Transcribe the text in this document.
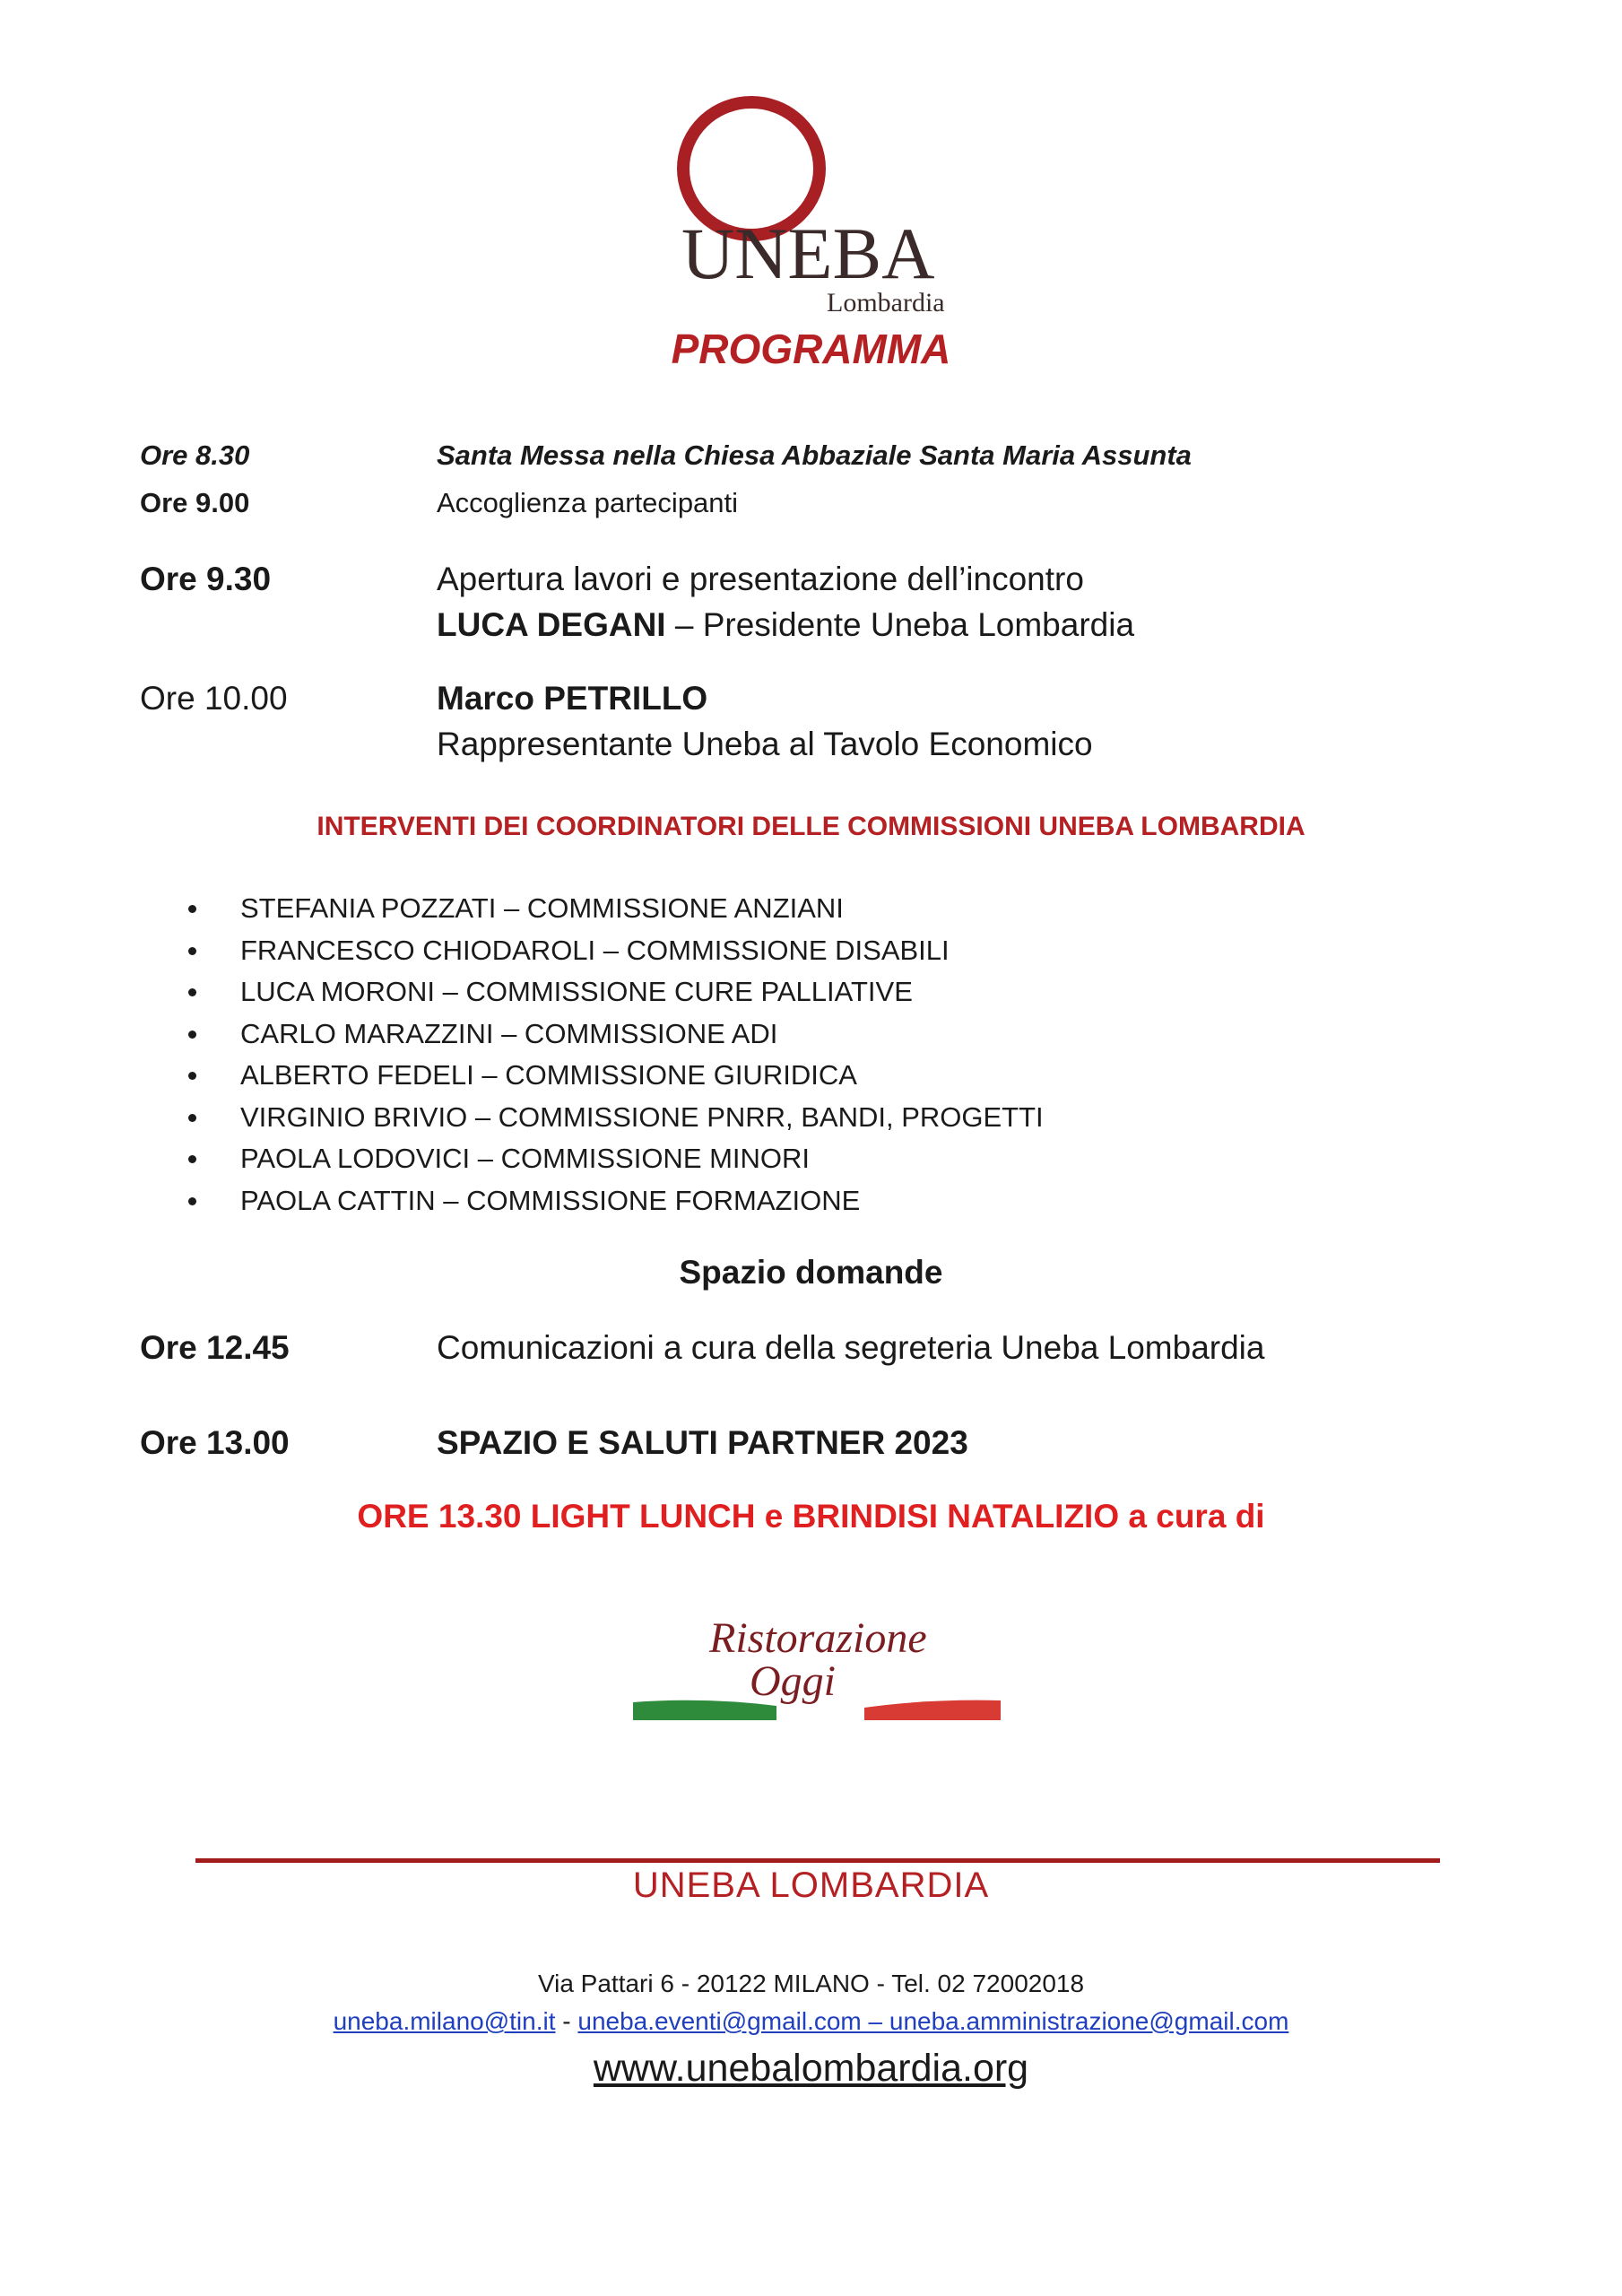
UNEBA
Lombardia
PROGRAMMA
Ore 8.30	Santa Messa nella Chiesa Abbaziale Santa Maria Assunta
Ore 9.00	Accoglienza partecipanti
Ore 9.30	Apertura lavori e presentazione dell’incontro
LUCA DEGANI – Presidente Uneba Lombardia
Ore 10.00	Marco PETRILLO
Rappresentante Uneba al Tavolo Economico
INTERVENTI DEI COORDINATORI DELLE COMMISSIONI UNEBA LOMBARDIA
STEFANIA POZZATI – COMMISSIONE ANZIANI
FRANCESCO CHIODAROLI – COMMISSIONE DISABILI
LUCA MORONI – COMMISSIONE CURE PALLIATIVE
CARLO MARAZZINI – COMMISSIONE ADI
ALBERTO FEDELI – COMMISSIONE GIURIDICA
VIRGINIO BRIVIO – COMMISSIONE PNRR, BANDI, PROGETTI
PAOLA LODOVICI – COMMISSIONE MINORI
PAOLA CATTIN – COMMISSIONE FORMAZIONE
Spazio domande
Ore 12.45	Comunicazioni a cura della segreteria Uneba Lombardia
Ore 13.00	SPAZIO E SALUTI PARTNER 2023
ORE 13.30 LIGHT LUNCH e BRINDISI NATALIZIO a cura di
Ristorazione
Oggi
UNEBA LOMBARDIA
Via Pattari 6 - 20122 MILANO - Tel. 02 72002018
uneba.milano@tin.it - uneba.eventi@gmail.com – uneba.amministrazione@gmail.com
www.unebalombardia.org
